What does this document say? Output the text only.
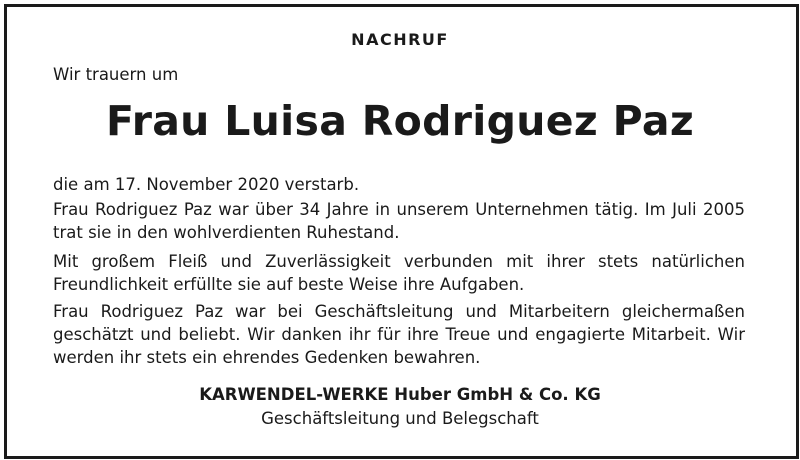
NACHRUF
Wir trauern um
Frau Luisa Rodriguez Paz
die am 17. November 2020 verstarb.
Frau Rodriguez Paz war über 34 Jahre in unserem Unternehmen tätig. Im Juli 2005 trat sie in den wohlverdienten Ruhestand.
Mit großem Fleiß und Zuverlässigkeit verbunden mit ihrer stets natürlichen Freundlichkeit erfüllte sie auf beste Weise ihre Aufgaben.
Frau Rodriguez Paz war bei Geschäftsleitung und Mitarbeitern gleichermaßen geschätzt und beliebt. Wir danken ihr für ihre Treue und engagierte Mitarbeit. Wir werden ihr stets ein ehrendes Gedenken bewahren.
KARWENDEL-WERKE Huber GmbH & Co. KG
Geschäftsleitung und Belegschaft
